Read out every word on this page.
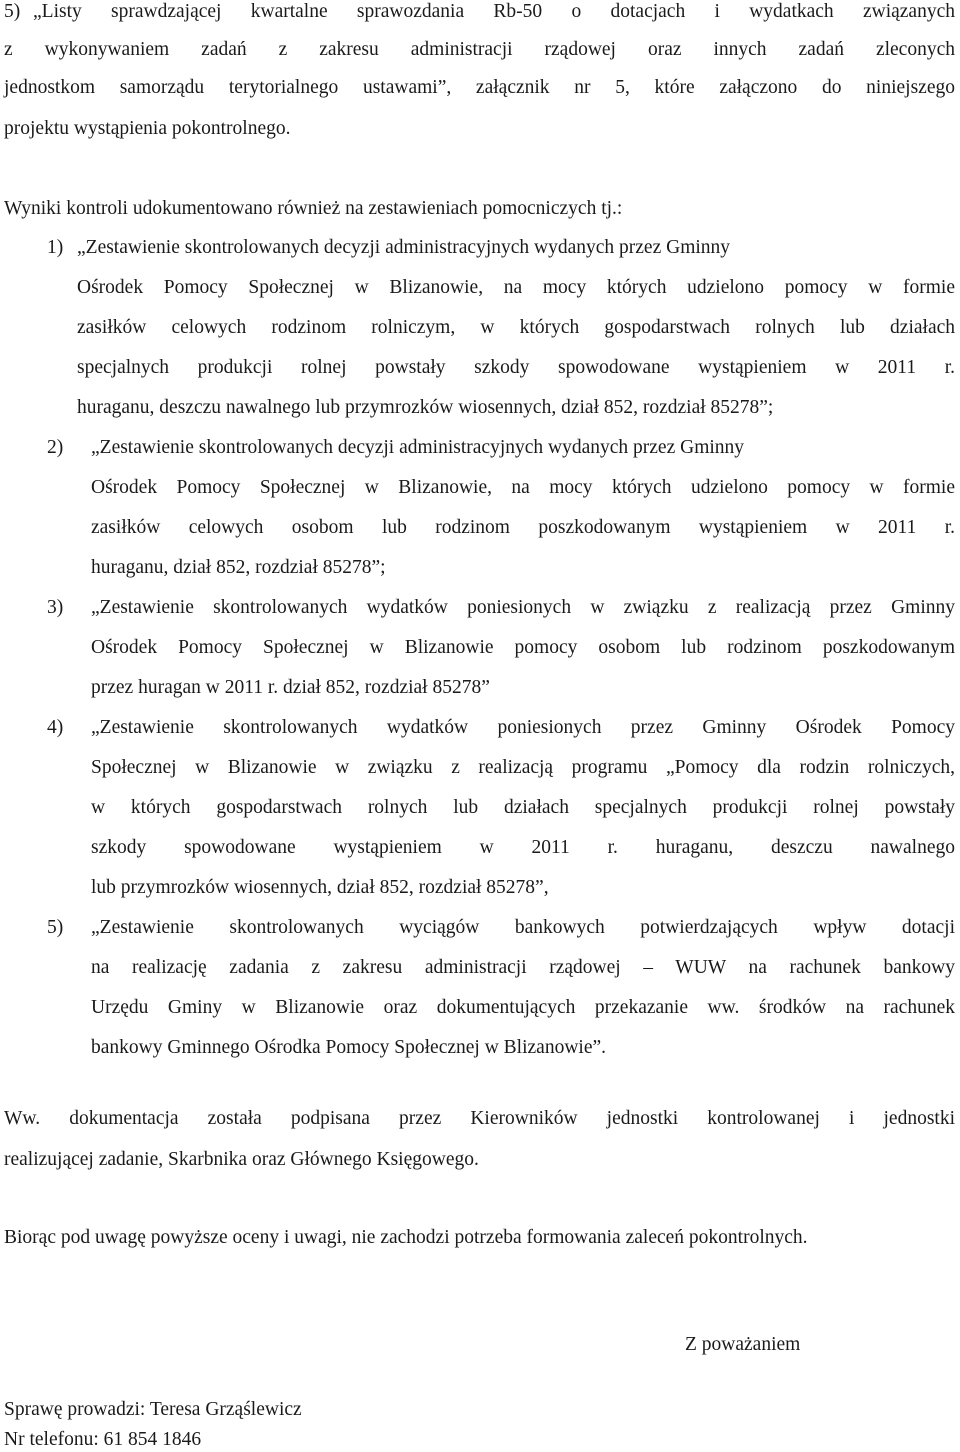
5) „Listy sprawdzającej kwartalne sprawozdania Rb-50 o dotacjach i wydatkach związanych
z wykonywaniem zadań z zakresu administracji rządowej oraz innych zadań zleconych
jednostkom samorządu terytorialnego ustawami”, załącznik nr 5, które załączono do niniejszego
projektu wystąpienia pokontrolnego.
Wyniki kontroli udokumentowano również na zestawieniach pomocniczych tj.:
1) „Zestawienie skontrolowanych decyzji administracyjnych wydanych przez Gminny
Ośrodek Pomocy Społecznej w Blizanowie, na mocy których udzielono pomocy w formie
zasiłków celowych rodzinom rolniczym, w których gospodarstwach rolnych lub działach
specjalnych produkcji rolnej powstały szkody spowodowane wystąpieniem w 2011 r.
huraganu, deszczu nawalnego lub przymrozków wiosennych, dział 852, rozdział 85278”;
2) „Zestawienie skontrolowanych decyzji administracyjnych wydanych przez Gminny
Ośrodek Pomocy Społecznej w Blizanowie, na mocy których udzielono pomocy w formie
zasiłków celowych osobom lub rodzinom poszkodowanym wystąpieniem w 2011 r.
huraganu, dział 852, rozdział 85278”;
3) „Zestawienie skontrolowanych wydatków poniesionych w związku z realizacją przez Gminny
Ośrodek Pomocy Społecznej w Blizanowie pomocy osobom lub rodzinom poszkodowanym
przez huragan w 2011 r. dział 852, rozdział 85278”
4) „Zestawienie skontrolowanych wydatków poniesionych przez Gminny Ośrodek Pomocy
Społecznej w Blizanowie w związku z realizacją programu „Pomocy dla rodzin rolniczych,
w których gospodarstwach rolnych lub działach specjalnych produkcji rolnej powstały
szkody spowodowane wystąpieniem w 2011 r. huraganu, deszczu nawalnego
lub przymrozków wiosennych, dział 852, rozdział 85278”,
5) „Zestawienie skontrolowanych wyciągów bankowych potwierdzających wpływ dotacji
na realizację zadania z zakresu administracji rządowej – WUW na rachunek bankowy
Urzędu Gminy w Blizanowie oraz dokumentujących przekazanie ww. środków na rachunek
bankowy Gminnego Ośrodka Pomocy Społecznej w Blizanowie”.
Ww. dokumentacja została podpisana przez Kierowników jednostki kontrolowanej i jednostki
realizującej zadanie, Skarbnika oraz Głównego Księgowego.
Biorąc pod uwagę powyższe oceny i uwagi, nie zachodzi potrzeba formowania zaleceń pokontrolnych.
Z poważaniem
Sprawę prowadzi: Teresa Grząślewicz
Nr telefonu: 61 854 1846
